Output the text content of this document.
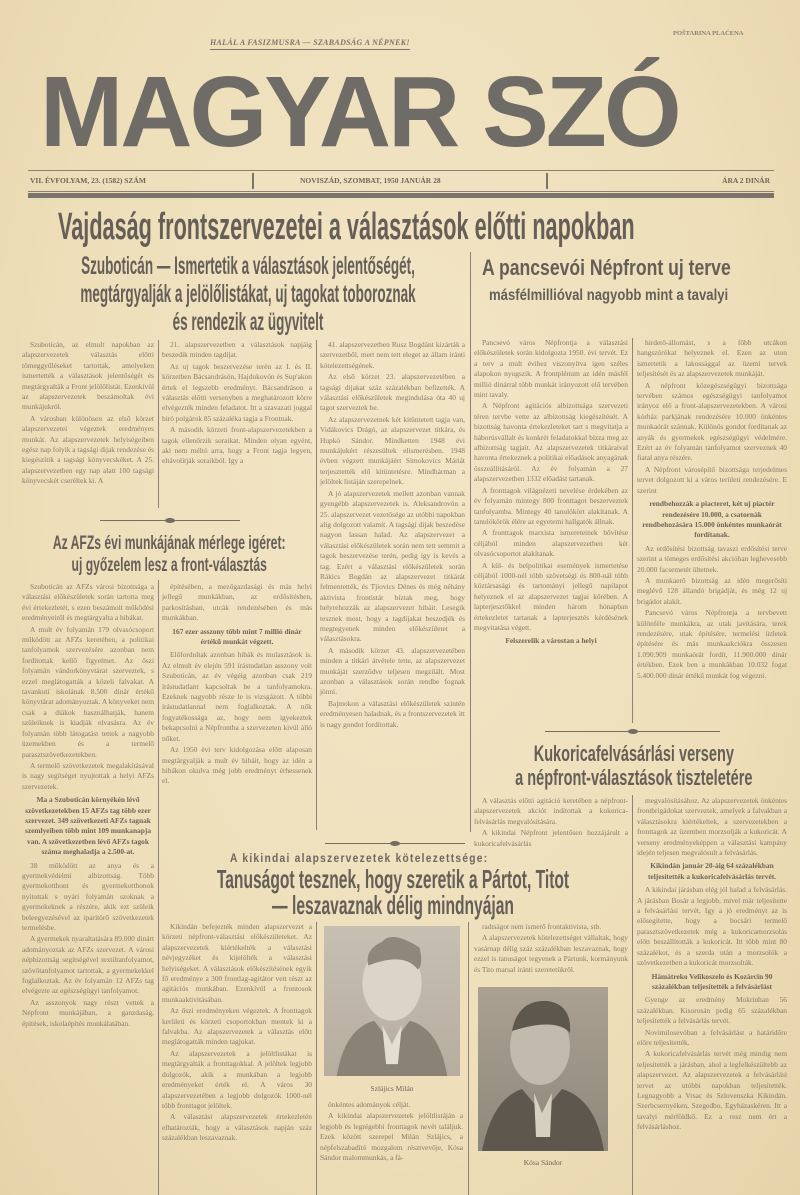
HALÁL A FASIZMUSRA — SZABADSÁG A NÉPNEK!
POŠTARINA PLAĆENA
MAGYAR SZÓ
VII. ÉVFOLYAM, 23. (1582) SZÁM	NOVISZÁD, SZOMBAT, 1950 JANUÁR 28	ÁRA 2 DINÁR
Vajdaság frontszervezetei a választások előtti napokban
Szuboticán — Ismertetik a választások jelentőségét,
megtárgyalják a jelölőlistákat, uj tagokat toboroznak
és rendezik az ügyvitelt

Szuboticán, az elmult napokban az alapszervezetek választás előtti tömeggyűléseket tartottak, amelyeken ismertették a választások jelentőségét és megtárgyalták a Front jelölőlistát. Ezenkívül az alapszervezetek beszámoltak évi munkájukról.

A városban különösen az első körzet alapszervezetei végeztek eredményes munkát. Az alapszervezetek helyiségeiben egész nap folyik a tagsági dijak rendezése és kiegészítik a tagsági könyvecskéket. A 25. alapszervezetben egy nap alatt 100 tagsági könyvecskét cseréltek ki. A

21. alapszervezetben a választások napjáig beszedik minden tagdíjat.

Az uj tagok beszervezése terén az I. és II. körzetben Bácsandrásón, Hajdukovón és Sup'akon értek el legszebb eredményt. Bácsandráson a választás előtti versenyben a meghatározott körre elvégezték minden feladatot. Itt a szavazati joggal biró polgárok 85 százaléka tagja a Frontnak.

A második körzeti front-alapszervezetekben a tagok ellenőrzik soraikat. Minden olyan egyént, aki nem méltó arra, hogy a Front tagja legyen, eltávolítják soraikból. Igy a

41. alapszervezetben Rusz Bogdánt kizárták a szervezetből, mert nem tett eleget az állam iránti kötelezettségének.

Az első körzet 23. alapszervezetében a tagsági dijakat száz százalékban befizették. A választási előkészületek megindulása óta 40 uj tagot szerveztek be.

Az alapszervezetnek két kitüntetett tagja van, Vidákovics Drágó, az alapszervezet titkára, és Hupkó Sándor. Mindketten 1948 évi munkájukért részesültek elismerésben. 1948 évben végzett munkájáért Simokovics Máriát terjesztették elő kitüntetésre. Mindhárman a jelöltek listáján szerepelnek.

A jó alapszervezetek mellett azonban vannak gyengébb alapszervezetek is. Aleksandrovón a 25. alapszervezet vezetősége az utóbbi napokban alig dolgozott valamit. A tagsági dijak beszedése nagyon lassan halad. Az alapszervezet a választási előkészületek során nem tett semmit a tagok beszervezése terén, pedig igy is kevés a tag. Ezért a választási előkészületek során Rákics Bogdán az alapszervezet titkárát felmentették, és Tjiovics Dénes és még néhány aktivista frontistát bíztak meg, hogy helyrehozzák az alapszervezet hibáit. Lesegik tesznek most, hogy a tagdijakat beszedjék és megtegyenek minden előkészületet a választásokra.

A második körzet 43. alapszervezetében minden a titkári átvétele tette, az alapszervezet munkáját szerződve teljesen megzilált. Most azonban a választások során rendbe fognak jönni.

Bajmokon a választási előkészületek szintén eredményesen haladnak, és a frontszervezetek itt is nagy gondot fordítottak.

Az AFZs évi munkájának mérlege igéret:
uj győzelem lesz a front-választás

Szuboticán az AFZs városi bizottsága a választási előkészületek során tartotta meg évi értekezletét, s ezen beszámolt működési eredményeiről és megtárgyalta a hibákat.

A mult év folyamán 179 olvasócsoport működött az AFZs keretében, a politikai tanfolyamok szervezésére azonban nem fordítottak kellő figyelmet. Az őszi folyamán vándorkönyvtárat szerveztek, s ezzel meglátogatták a közeli falvakat. A tavankuti iskolának 8.500 dinár értékű könyvtárat adományoztak. A könyveket nem csak a diákok használhatják, hanem szüleiknek is kiadják olvasásra. Az év folyamán több látogatást tettek a nagyobb üzemekben és a termelő parasztszövetkezetekben.

A termelő szövetkezetek megalakításával is nagy segítséget nyujtottak a helyi AFZs szervezetek.

Ma a Szuboticán környékén lévő szövetkezetekben 15 AFZs tag több ezer szervezet. 349 szövetkezeti AFZs tagnak szemlyeiben több mint 109 munkanapja van. A szövetkezetben lévő AFZs tagok száma meghaladja a 2.500-at.

38 működött az anya és a gyermekvédelmi albizottság. Több gyermekotthont és gyermekotthonok nyitottak s nyári folyamán szoknak a gyermekeknek a részére, akik ezt szüleik beleegyezésével az iparitörő szövetkezetek termelésbe.

A gyermekek nyaraltatására 89.000 dinárt adományoztak az AFZs szervezet. A városi népbizottság segítségével textiltanfolyamot, szövőtanfolyamot tartottak, a gyermekekkel foglalkoztak. Az év folyamán 12 AFZs tag elvégezte az egészségügyi tanfolyamot.

Az asszonyok nagy részt vettek a Népfront munkájában, a ganzdaság, építések, iskolaépítés munkálatában.

építésében, a mezőgazdasági és más helyi jellegű munkákban, az erdősítésben, parkosításban, utcák rendezésében és más munkákban.

167 ezer asszony több mint 7 millió dinár értékű munkát végzett.

Előfordultak azonban hibák és mulasztások is. Az elmult év elején 591 írástudatlan asszony volt Szuboticán, az év végéig azonban csak 219 írástudatlant kapcsoltak be a tanfolyamokra. Ezeknek nagyobb része le is vizsgázott. A többi írástudatlannal nem foglalkoztak. A nők fogyatékossága az, hogy nem igyekeztek bekapcsolni a Népfrontba a szervezeten kivül álló nőket.

Az 1950 évi terv kidolgozása előtt alaposan megtárgyalják a mult év hibáit, hogy az idén a hibákon okulva még jobb eredményt érhessenek el.

A pancsevói Népfront uj terve
másfélmillióval nagyobb mint a tavalyi

Pancsevó város Népfrontja a választási előkészületek során kidolgozta 1950. évi tervét. Ez a terv a mult évihez viszonyítva igen széles alapokon nyugszik. A frontplénum az idén másfél millió dinárral több munkát irányozott elő tervében mint tavaly.

A Népfront agitációs albizottsága szervezeti téren tervbe vette az albizottság kiegészítését. A bizottság havonta értekezleteket tart s megvitatja a háborúsvállalt és konkrét feladatokkal bízza meg az albizottság tagjait. Az alapszervezetek titkáraival havonta értekeznek a politikai előadások anyagának összeállításáról. Az év folyamán a 27 alapszervezetben 1332 előadást tartanak.

A fronttagok világnézeti nevelése érdekében az év folyamán mintegy 800 fronttagot beszerveztek tanfolyamba. Mintegy 40 tanulókört alakítanak. A tanulókörök élére az egyetemi hallgatók állnak.

A fronttagok marxista ismereteinek bővítése céljából minden alapszervezetben két olvasócsoportot alakítanak.

A kül- és belpolitikai események ismertetése céljából 1000-nél több szövetségi és 800-nál több köztársasági és tartományi jellegű napilapot helyeznek el az alapszervezet tagjai körében. A lapterjesztőkkel minden három hónapban értekezletet tartanak a lapterjesztés kérdésének megvitatása végett.

Felszerelik a várostan a helyi

hirdető-állomást, s a főbb utcákon hangszórókat helyeznek el. Ezen az uton ismertetik a lakossággal az üzemi tervek teljesítését és az alapszervezetek munkáját.

A népfront közegészségügyi bizottsága tervében számos egészségügyi tanfolyamot irányoz elő a front-alapszervezetekben. A városi kórház parkjának rendezésére 10.000 önkéntes munkaórát szánnak. Különös gondot fordítanak az anyák és gyermekek egészségügyi védelmére. Ezért az év folyamán tanfolyamot szerveznek 40 fiatal anya részére.

A Népfront városépítő bizottsága terjedelmes tervet dolgozott ki a város területi rendezésére. E szerint

rendbehozzák a piacteret, két uj piactér rendezésére 10.000, a csatornák rendbehozására 15.000 önkéntes munkaórát fordítanak.

Az erdősítési bizottság tavaszi erdősítési terve szerint a tömeges erdősítési akcióban leghevesebb 20.000 facsemetét ültetnek.

A munkaerő bizottság az idén megerősíti meglévő 128 állandó brigádját, és még 12 uj brigádot alakít.

Pancsevó város Népfrontja a tervbevett különféle munkákra, az utak javítására, terek rendezésére, utak építésére, termelési üzletek építésére és más munkaakciókra összesen 1.090.909 munkaórát fordít, 11.900.000 dinár értékben. Ezek ben a munkákban 10.032 fogat 5.400.000 dinár értékű munkát fog végezni.

Kukoricafelvásárlási verseny
a népfront-választások tiszteletére

A választás előtti agitáció keretében a népfront-alapszervezetek akciót indítottak a kukorica-felvásárlás megvalósítására.

A kikindai Népfront jelentősen hozzájárult a kukoricafelvásárlás

megvalósításához. Az alapszervezetek önkéntes frontbrigádokat szerveztek, amelyek a falvakban a választásokra kiértékeltek, a szervezetekben a fronttagok az üzemben morzsolják a kukoricát. A verseny eredményeképpen a választási kampány idején teljesen megvalósult a felvásárlás.

Kikindán január 20-áig 64 százalékban teljesítették a kukoricafelvásárlás tervét.

A kikindai járásban elég jól halad a felvásárlás. A járásban Bosár a legjobb, mivel már teljesítette a felvásárlási tervét, Igy a jó eredményt az is elősegítette, hogy a bocsári termelő parasztszövetkezetek még a kukoricamorzsolás előtt beszállították a kukoricát. Itt több mint 80 százalékot, és a szerda után a morzsolók a szövetkezetben a kukoricát morzsolták.

Hámátreko Velikoszelo és Kozárcin 90 százalékban teljesítették a felvásárlást

Gyenge az eredmény Mokrinban 56 százalékban. Kisorosán pedig 65 százalékban teljesítették a felvásárlás tervét.

Novimilosevóban a felvásárlást a határidőre előre teljesítették.

A kukoricafelvásárlás tervét még mindig nem teljesítették a járásban, ahol a legfelkészültebb az alapszervezet. Az alapszervezetek a felvásárlási tervet az utóbbi napokban teljesítették. Legnagyobb a Vrsac és Szlovenszka Kikindán. Szerbcsernyéken, Szegedbo, Egyházaskéren. Itt a tavalyi mérföldkő. Ez a resz nem ért a felvásárláshoz.

A kikindai alapszervezetek kötelezettsége:
Tanuságot tesznek, hogy szeretik a Pártot, Titot
— leszavaznak délig mindnyájan

Kikindán befejezték minden alapszervezet a körzeti népfront-választási előkészületeket. Az alapszervezetek kiértékelték a választási névjegyzéket és kijelölték a választási helyiségeket. A választások előkészítésének egyik fő eredménye a 300 frontlag-agitátor vett részt az agitációs munkában. Ezenkívül a frontosok munkaaktivitásában.

Az őszi eredményeken végeztek. A fronttagok kerületi és körzeti csoportokban mentek ki a falvakba. Az alapszervezetek a választás előtt meglátogatták minden tagjukat.

Az alapszervezetek a jelöltlistákat is megtárgyalták a fronttagokkal. A jelöltek legjobb dolgozók, akik a munkában a legjobb eredményeket érték el. A város 30 alapszervezetében a legjobb dolgozók 1000-nél több fronttagot jelöltek.

A választási alapszervezetek értekezletén elhatározták, hogy a választások napján száz százalékban leszavaznak.

Szlájics Milán

önkéntes adományok célját.

A kikindai alapszervezetek jelöltlistáján a legjobb és legrégebbi fronttagok nevét találjuk. Ezek között szerepel Milán Szlájics, a népfelszabadító mozgalom résztvevője, Kósa Sándor malommunkás, a fá-

radtságot nem ismerő frontaktivista, stb.

A alapszervezetek kötelezettséget vállaltak, hogy vasárnap délig száz százalékban leszavaznak, hogy ezzel is tanuságot tegyenek a Pártunk, kormányunk és Tito marsal iránti szeretetükről.

Kósa Sándor
